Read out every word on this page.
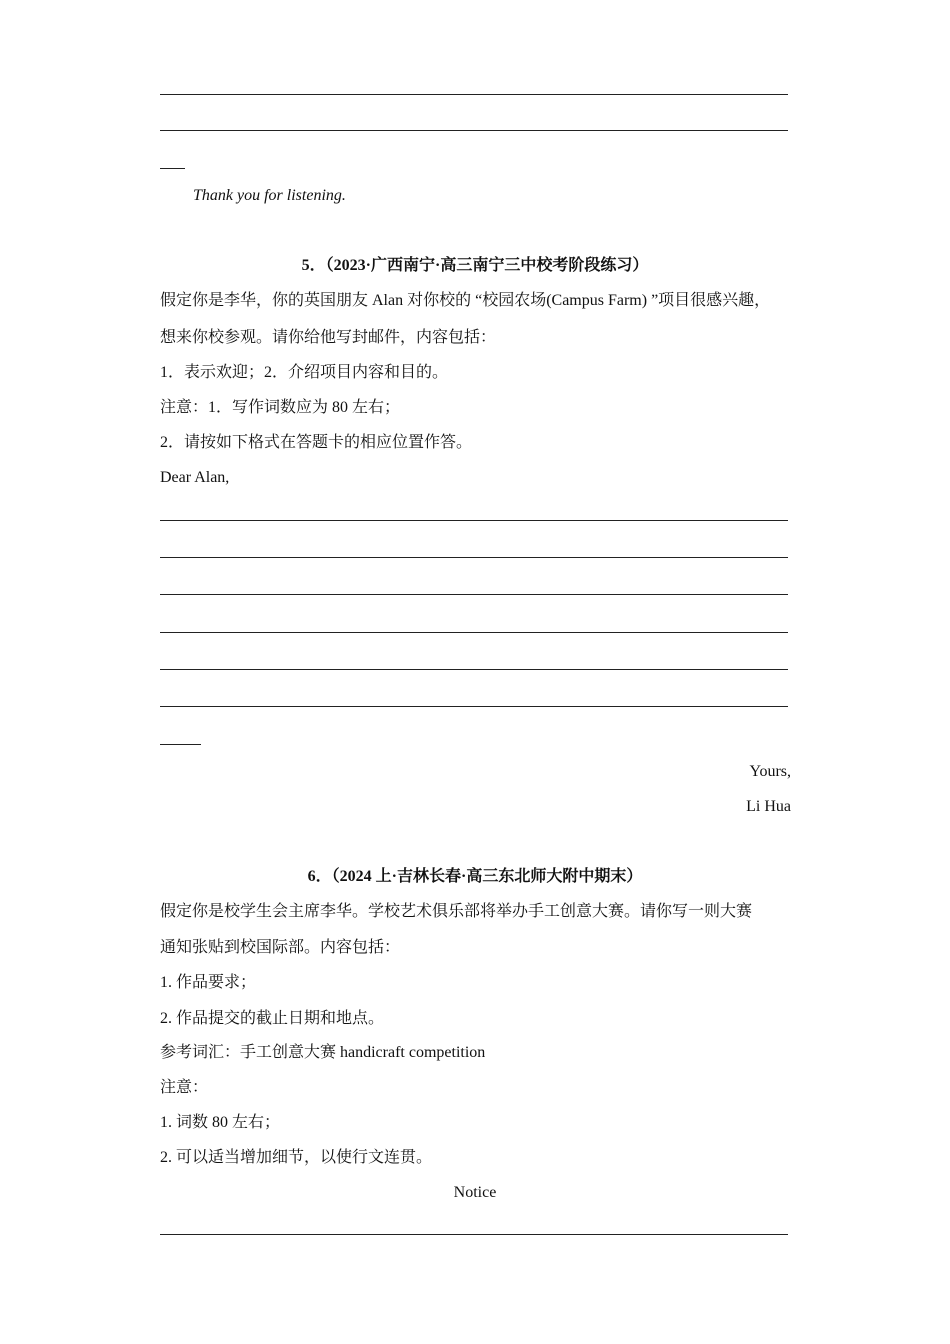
Thank you for listening.
5．（2023·广西南宁·高三南宁三中校考阶段练习）
假定你是李华，你的英国朋友 Alan 对你校的 “校园农场(Campus Farm) ”项目很感兴趣，
想来你校参观。请你给他写封邮件，内容包括：
1．表示欢迎；2．介绍项目内容和目的。
注意：1．写作词数应为 80 左右；
2．请按如下格式在答题卡的相应位置作答。
Dear Alan,
Yours,
Li Hua
6．（2024 上·吉林长春·高三东北师大附中期末）
假定你是校学生会主席李华。学校艺术俱乐部将举办手工创意大赛。请你写一则大赛
通知张贴到校国际部。内容包括：
1. 作品要求；
2. 作品提交的截止日期和地点。
参考词汇：手工创意大赛 handicraft competition
注意：
1. 词数 80 左右；
2. 可以适当增加细节，以使行文连贯。
Notice
